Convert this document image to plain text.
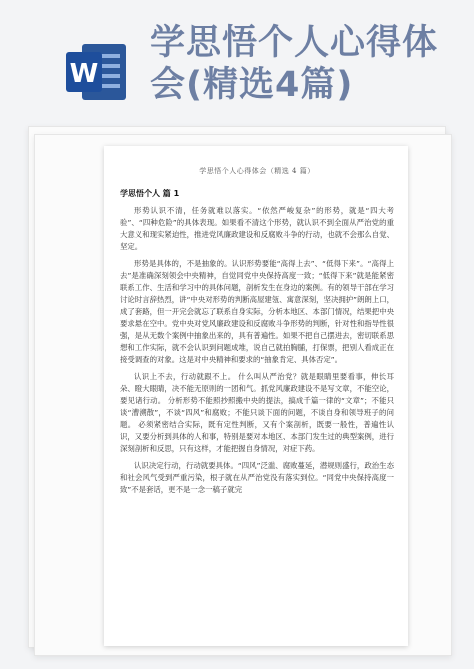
W
学思悟个人心得体会(精选4篇)
学思悟个人心得体会（精选 4 篇）
学思悟个人 篇 1

形势认识不清，任务就难以落实。“依然严峻复杂”的形势，就是“四大考验”、“四种危险”的具体表现。如果看不清这个形势，就认识不到全面从严治党的重大意义和现实紧迫性，推进党风廉政建设和反腐败斗争的行动，也就不会那么自觉、坚定。

形势是具体的，不是抽象的。认识形势要能“高得上去”、“低得下来”。“高得上去”是准确深刻领会中央精神，自觉同党中央保持高度一致；“低得下来”就是能紧密联系工作、生活和学习中的具体问题，剖析发生在身边的案例。有的领导干部在学习讨论时言辞热烈，讲“中央对形势的判断高屋建瓴、寓意深刻，坚决拥护”朗朗上口，成了套路，但一开完会就忘了联系自身实际，分析本地区、本部门情况，结果把中央要求悬在空中。党中央对党风廉政建设和反腐败斗争形势的判断，针对性和指导性很强，是从无数个案例中抽象出来的，具有普遍性。如果不把自己摆进去，密切联系思想和工作实际，就不会认识到问题成堆，说自己就拍胸脯，打保票，把别人看成正在接受调查的对象。这是对中央精神和要求的“抽象肯定、具体否定”。

认识上不去，行动就跟不上。 什么叫从严治党？就是眼睛里要看事，伸长耳朵、瞪大眼睛，决不能无原则的一团和气。抓党风廉政建设不是写文章，不能空论，要见诸行动。 分析形势不能照抄照搬中央的提法，搞成千篇一律的“文章”；不能只谈“漕溯散”，不谈“四风”和腐败；不能只谈下面的问题，不谈自身和领导班子的问题。 必须紧密结合实际，既有定性判断，又有个案剖析，既要一般性，普遍性认识，又要分析到具体的人和事，特别是要对本地区、本部门发生过的典型案例，进行深刻剖析和反思，只有这样，才能把握自身情况，对症下药。

认识决定行动，行动就要具体。“四风”泛滥、腐败蔓延，潜规则盛行，政治生态和社会风气受到严重污染，根子就在从严治党没有落实到位。“同党中央保持高度一致”不是套话，更不是一念一稿子就完
